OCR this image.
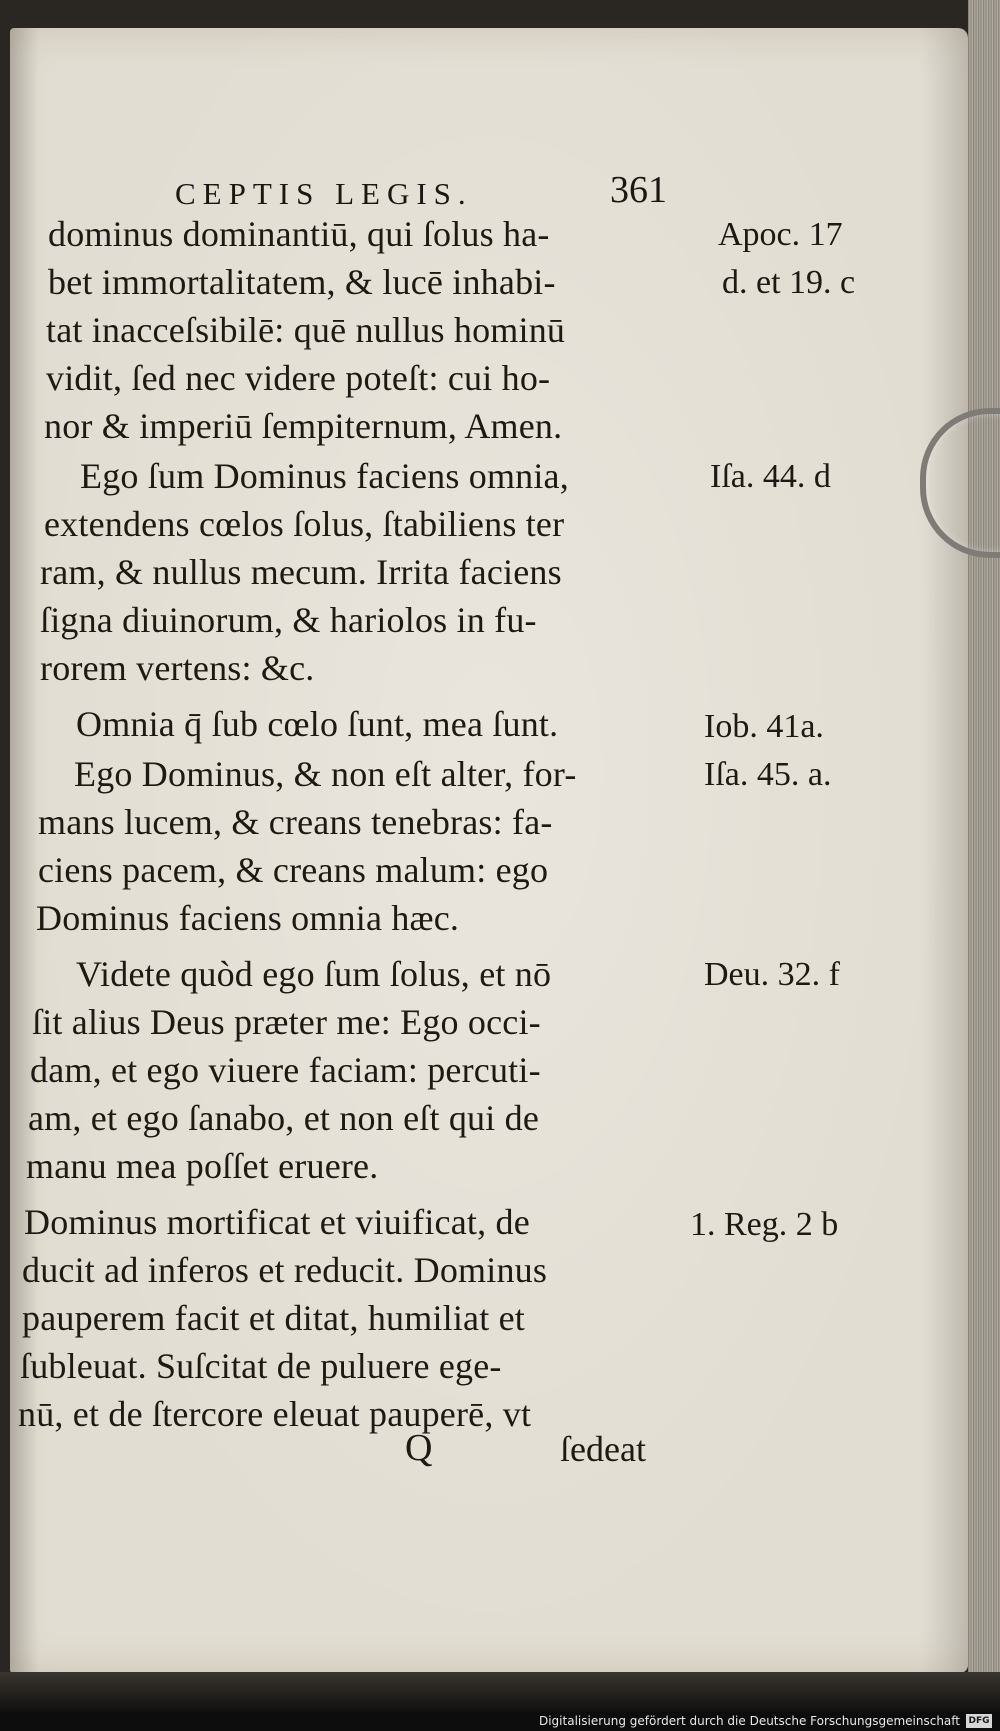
CEPTIS LEGIS.	361
dominus dominantiū, qui ſolus ha-
bet immortalitatem, & lucē inhabi-
tat inacceſsibilē: quē nullus hominū
vidit, ſed nec videre poteſt: cui ho-
nor & imperiū ſempiternum, Amen.
Ego ſum Dominus faciens omnia,
extendens cœlos ſolus, ſtabiliens ter
ram, & nullus mecum. Irrita faciens
ſigna diuinorum, & hariolos in fu-
rorem vertens: &c.
Omnia q̄ ſub cœlo ſunt, mea ſunt.
Ego Dominus, & non eſt alter, for-
mans lucem, & creans tenebras: fa-
ciens pacem, & creans malum: ego
Dominus faciens omnia hæc.
Videte quòd ego ſum ſolus, et nō
ſit alius Deus præter me: Ego occi-
dam, et ego viuere faciam: percuti-
am, et ego ſanabo, et non eſt qui de
manu mea poſſet eruere.
Dominus mortificat et viuificat, de
ducit ad inferos et reducit. Dominus
pauperem facit et ditat, humiliat et
ſubleuat. Suſcitat de puluere ege-
nū, et de ſtercore eleuat pauperē, vt
Q	ſedeat
Apoc. 17
d. et 19. c
Iſa. 44. d
Iob. 41a.
Iſa. 45. a.
Deu. 32. f
1. Reg. 2 b
Digitalisierung gefördert durch die Deutsche Forschungsgemeinschaft DFG
